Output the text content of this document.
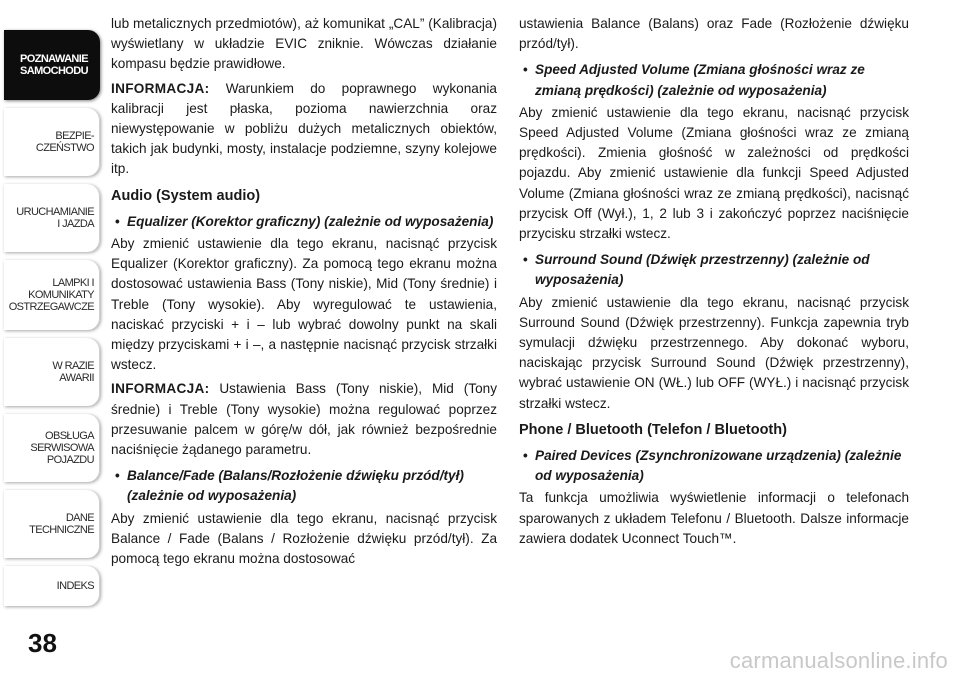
POZNAWANIE
SAMOCHODU
BEZPIE-
CZEŃSTWO
URUCHAMIANIE
I JAZDA
LAMPKI I
KOMUNIKATY
OSTRZEGAWCZE
W RAZIE
AWARII
OBSŁUGA
SERWISOWA
POJAZDU
DANE
TECHNICZNE
INDEKS
38

lub metalicznych przedmiotów), aż komunikat „CAL” (Kalibracja) wyświetlany w układzie EVIC zniknie. Wówczas działanie kompasu będzie prawidłowe.

INFORMACJA: Warunkiem do poprawnego wykonania kalibracji jest płaska, pozioma nawierzchnia oraz niewystępowanie w pobliżu dużych metalicznych obiektów, takich jak budynki, mosty, instalacje podziemne, szyny kolejowe itp.

Audio (System audio)
• Equalizer (Korektor graficzny) (zależnie od wyposażenia)

Aby zmienić ustawienie dla tego ekranu, nacisnąć przycisk Equalizer (Korektor graficzny). Za pomocą tego ekranu można dostosować ustawienia Bass (Tony niskie), Mid (Tony średnie) i Treble (Tony wysokie). Aby wyregulować te ustawienia, naciskać przyciski + i – lub wybrać dowolny punkt na skali między przyciskami + i –, a następnie nacisnąć przycisk strzałki wstecz.

INFORMACJA: Ustawienia Bass (Tony niskie), Mid (Tony średnie) i Treble (Tony wysokie) można regulować poprzez przesuwanie palcem w górę/w dół, jak również bezpośrednie naciśnięcie żądanego parametru.

• Balance/Fade (Balans/Rozłożenie dźwięku przód/tył) (zależnie od wyposażenia)

Aby zmienić ustawienie dla tego ekranu, nacisnąć przycisk Balance / Fade (Balans / Rozłożenie dźwięku przód/tył). Za pomocą tego ekranu można dostosować

ustawienia Balance (Balans) oraz Fade (Rozłożenie dźwięku przód/tył).

• Speed Adjusted Volume (Zmiana głośności wraz ze zmianą prędkości) (zależnie od wyposażenia)

Aby zmienić ustawienie dla tego ekranu, nacisnąć przycisk Speed Adjusted Volume (Zmiana głośności wraz ze zmianą prędkości). Zmienia głośność w zależności od prędkości pojazdu. Aby zmienić ustawienie dla funkcji Speed Adjusted Volume (Zmiana głośności wraz ze zmianą prędkości), nacisnąć przycisk Off (Wył.), 1, 2 lub 3 i zakończyć poprzez naciśnięcie przycisku strzałki wstecz.

• Surround Sound (Dźwięk przestrzenny) (zależnie od wyposażenia)

Aby zmienić ustawienie dla tego ekranu, nacisnąć przycisk Surround Sound (Dźwięk przestrzenny). Funkcja zapewnia tryb symulacji dźwięku przestrzennego. Aby dokonać wyboru, naciskając przycisk Surround Sound (Dźwięk przestrzenny), wybrać ustawienie ON (WŁ.) lub OFF (WYŁ.) i nacisnąć przycisk strzałki wstecz.

Phone / Bluetooth (Telefon / Bluetooth)
• Paired Devices (Zsynchronizowane urządzenia) (zależnie od wyposażenia)

Ta funkcja umożliwia wyświetlenie informacji o telefonach sparowanych z układem Telefonu / Bluetooth. Dalsze informacje zawiera dodatek Uconnect Touch™.

carmanualsonline.info
